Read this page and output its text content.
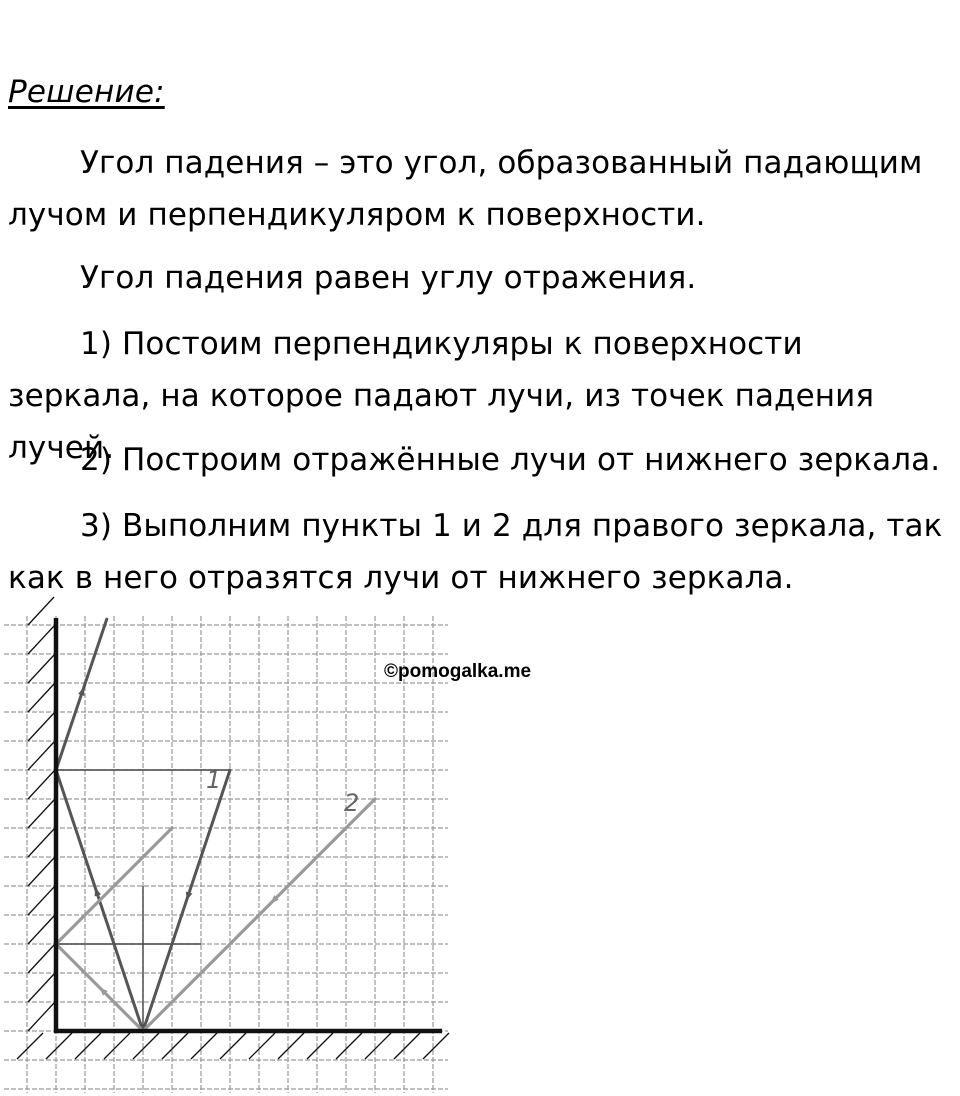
Решение:

Угол падения – это угол, образованный падающим лучом и перпендикуляром к поверхности.

Угол падения равен углу отражения.

1) Постоим перпендикуляры к поверхности зеркала, на которое падают лучи, из точек падения лучей.

2) Построим отражённые лучи от нижнего зеркала.

3) Выполним пункты 1 и 2 для правого зеркала, так как в него отразятся лучи от нижнего зеркала.

1
2
©pomogalka.me
